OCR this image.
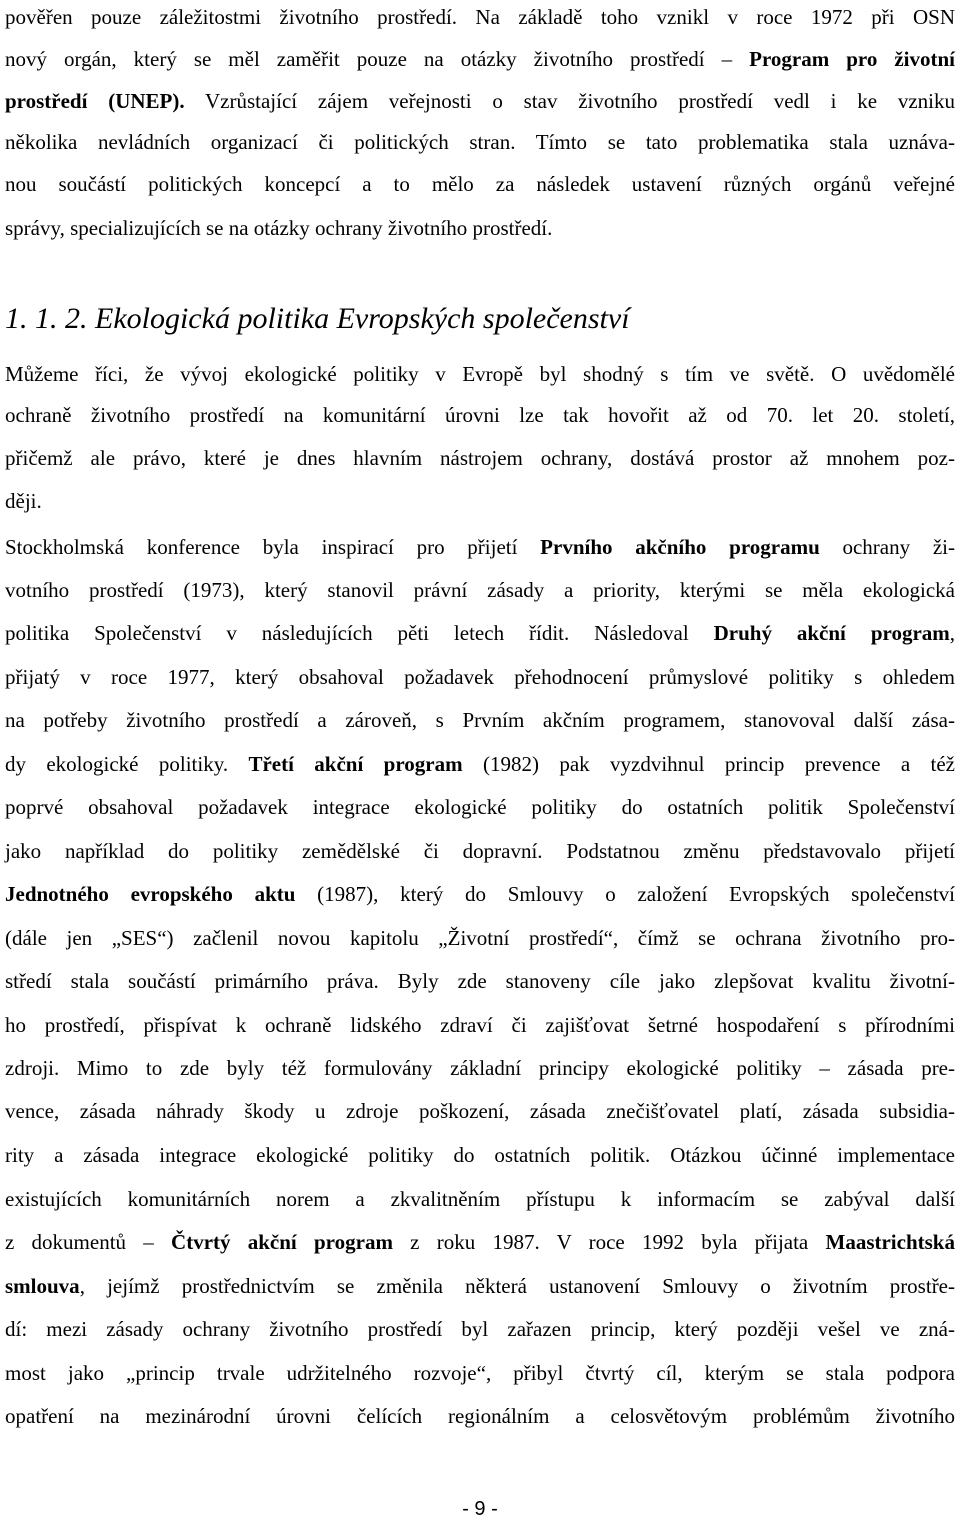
pověřen pouze záležitostmi životního prostředí. Na základě toho vznikl v roce 1972 při OSN
nový orgán, který se měl zaměřit pouze na otázky životního prostředí – Program pro životní
prostředí (UNEP). Vzrůstající zájem veřejnosti o stav životního prostředí vedl i ke vzniku
několika nevládních organizací či politických stran. Tímto se tato problematika stala uznáva-
nou součástí politických koncepcí a to mělo za následek ustavení různých orgánů veřejné
správy, specializujících se na otázky ochrany životního prostředí.
1. 1. 2. Ekologická politika Evropských společenství
Můžeme říci, že vývoj ekologické politiky v Evropě byl shodný s tím ve světě. O uvědomělé
ochraně životního prostředí na komunitární úrovni lze tak hovořit až od 70. let 20. století,
přičemž ale právo, které je dnes hlavním nástrojem ochrany, dostává prostor až mnohem poz-
ději.
Stockholmská konference byla inspirací pro přijetí Prvního akčního programu ochrany ži-
votního prostředí (1973), který stanovil právní zásady a priority, kterými se měla ekologická
politika Společenství v následujících pěti letech řídit. Následoval Druhý akční program,
přijatý v roce 1977, který obsahoval požadavek přehodnocení průmyslové politiky s ohledem
na potřeby životního prostředí a zároveň, s Prvním akčním programem, stanovoval další zása-
dy ekologické politiky. Třetí akční program (1982) pak vyzdvihnul princip prevence a též
poprvé obsahoval požadavek integrace ekologické politiky do ostatních politik Společenství
jako například do politiky zemědělské či dopravní. Podstatnou změnu představovalo přijetí
Jednotného evropského aktu (1987), který do Smlouvy o založení Evropských společenství
(dále jen „SES“) začlenil novou kapitolu „Životní prostředí“, čímž se ochrana životního pro-
středí stala součástí primárního práva. Byly zde stanoveny cíle jako zlepšovat kvalitu životní-
ho prostředí, přispívat k ochraně lidského zdraví či zajišťovat šetrné hospodaření s přírodními
zdroji. Mimo to zde byly též formulovány základní principy ekologické politiky – zásada pre-
vence, zásada náhrady škody u zdroje poškození, zásada znečišťovatel platí, zásada subsidia-
rity a zásada integrace ekologické politiky do ostatních politik. Otázkou účinné implementace
existujících komunitárních norem a zkvalitněním přístupu k informacím se zabýval další
z dokumentů – Čtvrtý akční program z roku 1987. V roce 1992 byla přijata Maastrichtská
smlouva, jejímž prostřednictvím se změnila některá ustanovení Smlouvy o životním prostře-
dí: mezi zásady ochrany životního prostředí byl zařazen princip, který později vešel ve zná-
most jako „princip trvale udržitelného rozvoje“, přibyl čtvrtý cíl, kterým se stala podpora
opatření na mezinárodní úrovni čelících regionálním a celosvětovým problémům životního
- 9 -
